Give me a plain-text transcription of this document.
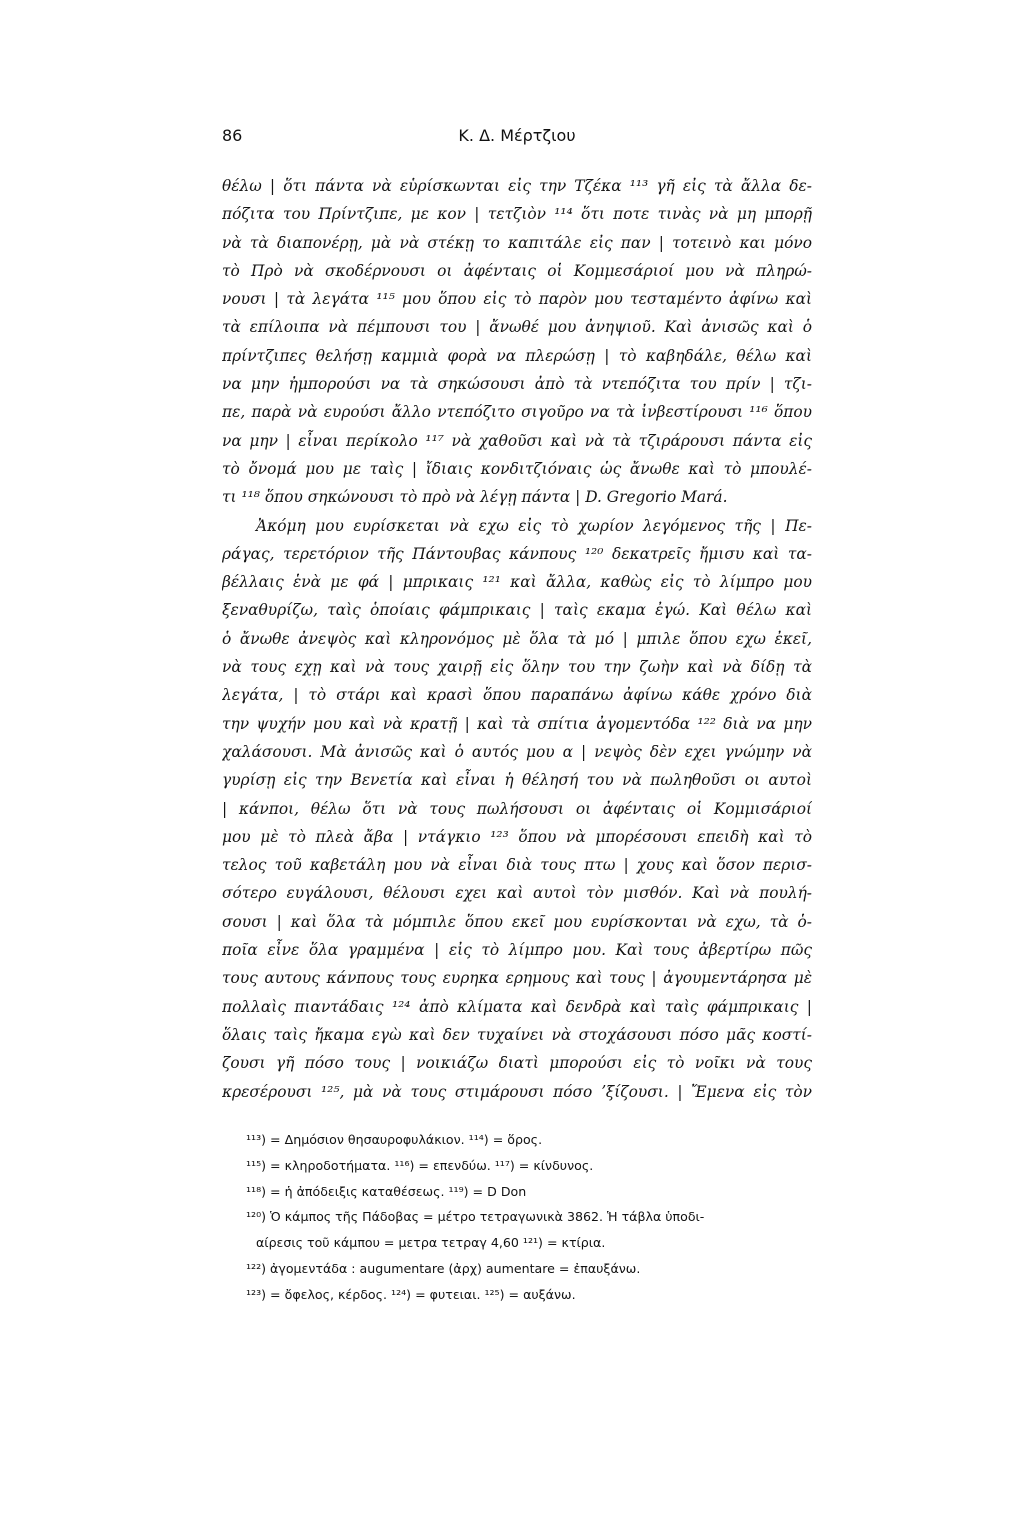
86	Κ. Δ. Μέρτζιου
θέλω | ὅτι πάντα νὰ εὑρίσκωνται εἰς την Τζέκα ¹¹³ γῆ εἰς τὰ ἄλλα δε-
πόζιτα του Πρίντζιπε, με κον | τετζιὸν ¹¹⁴ ὅτι ποτε τινὰς νὰ μη μπορῇ
νὰ τὰ διαπονέρῃ, μὰ νὰ στέκῃ το καπιτάλε εἰς παν | τοτεινὸ και μόνο
τὸ Πρὸ νὰ σκοδέρνουσι οι ἀφένταις οἱ Κομμεσάριοί μου νὰ πληρώ-
νουσι | τὰ λεγάτα ¹¹⁵ μου ὅπου εἰς τὸ παρὸν μου τεσταμέντο ἀφίνω καὶ
τὰ επίλοιπα νὰ πέμπουσι του | ἄνωθέ μου ἀνηψιοῦ. Καὶ ἀνισῶς καὶ ὁ
πρίντζιπες θελήσῃ καμμιὰ φορὰ να πλερώσῃ | τὸ καβηδάλε, θέλω καὶ
να μην ἠμπορούσι να τὰ σηκώσουσι ἀπὸ τὰ ντεπόζιτα του πρίν | τζι-
πε, παρὰ νὰ ευρούσι ἄλλο ντεπόζιτο σιγοῦρο να τὰ ἰνβεστίρουσι ¹¹⁶ ὅπου
να μην | εἶναι περίκολο ¹¹⁷ νὰ χαθοῦσι καὶ νὰ τὰ τζιράρουσι πάντα εἰς
τὸ ὄνομά μου με ταὶς | ἴδιαις κονδιτζιόναις ὡς ἄνωθε καὶ τὸ μπουλέ-
τι ¹¹⁸ ὅπου σηκώνουσι τὸ πρὸ νὰ λέγῃ πάντα | D. Gregorio Mará.
Ἀκόμη μου ευρίσκεται νὰ εχω εἰς τὸ χωρίον λεγόμενος τῆς | Πε-
ράγας, τερετόριον τῆς Πάντουβας κάνπους ¹²⁰ δεκατρεῖς ἤμισυ καὶ τα-
βέλλαις ἑνὰ με φά | μπρικαις ¹²¹ καὶ ἄλλα, καθὼς εἰς τὸ λίμπρο μου
ξεναθυρίζω, ταὶς ὁποίαις φάμπρικαις | ταὶς εκαμα ἐγώ. Καὶ θέλω καὶ
ὁ ἄνωθε ἀνεψὸς καὶ κληρονόμος μὲ ὅλα τὰ μό | μπιλε ὅπου εχω ἐκεῖ,
νὰ τους εχῃ καὶ νὰ τους χαιρῇ εἰς ὅλην του την ζωὴν καὶ νὰ δίδῃ τὰ
λεγάτα, | τὸ στάρι καὶ κρασὶ ὅπου παραπάνω ἀφίνω κάθε χρόνο διὰ
την ψυχήν μου καὶ νὰ κρατῇ | καὶ τὰ σπίτια ἀγομεντόδα ¹²² διὰ να μην
χαλάσουσι. Μὰ ἀνισῶς καὶ ὁ αυτός μου α | νεψὸς δὲν εχει γνώμην νὰ
γυρίσῃ εἰς την Βενετία καὶ εἶναι ἡ θέλησή του νὰ πωληθοῦσι οι αυτοὶ
| κάνποι, θέλω ὅτι νὰ τους πωλήσουσι οι ἀφένταις οἱ Κομμισάριοί
μου μὲ τὸ πλεὰ ἄβα | ντάγκιο ¹²³ ὅπου νὰ μπορέσουσι επειδὴ καὶ τὸ
τελος τοῦ καβετάλη μου νὰ εἶναι διὰ τους πτω | χους καὶ ὅσον περισ-
σότερο ευγάλουσι, θέλουσι εχει καὶ αυτοὶ τὸν μισθόν. Καὶ νὰ πουλή-
σουσι | καὶ ὅλα τὰ μόμπιλε ὅπου εκεῖ μου ευρίσκονται νὰ εχω, τὰ ὁ-
ποῖα εἶνε ὅλα γραμμένα | εἰς τὸ λίμπρο μου. Καὶ τους ἀβερτίρω πῶς
τους αυτους κάνπους τους ευρηκα ερημους καὶ τους | ἀγουμεντάρησα μὲ
πολλαὶς πιαντάδαις ¹²⁴ ἀπὸ κλίματα καὶ δενδρὰ καὶ ταὶς φάμπρικαις |
ὅλαις ταὶς ἤκαμα εγὼ καὶ δεν τυχαίνει νὰ στοχάσουσι πόσο μᾶς κοστί-
ζουσι γῆ πόσο τους | νοικιάζω διατὶ μπορούσι εἰς τὸ νοῖκι νὰ τους
κρεσέρουσι ¹²⁵, μὰ νὰ τους στιμάρουσι πόσο ʼξίζουσι. | Ἔμενα εἰς τὸν
¹¹³) = Δημόσιον θησαυροφυλάκιον. ¹¹⁴) = ὅρος.
¹¹⁵) = κληροδοτήματα. ¹¹⁶) = επενδύω. ¹¹⁷) = κίνδυνος.
¹¹⁸) = ἡ ἀπόδειξις καταθέσεως. ¹¹⁹) = D Don
¹²⁰) Ὁ κάμπος τῆς Πάδοβας = μέτρο τετραγωνικὰ 3862. Ἡ τάβλα ὑποδι-
αίρεσις τοῦ κάμπου = μετρα τετραγ 4,60 ¹²¹) = κτίρια.
¹²²) ἀγομεντάδα : augumentare (ἀρχ) aumentare = ἐπαυξάνω.
¹²³) = ὄφελος, κέρδος. ¹²⁴) = φυτειαι. ¹²⁵) = αυξάνω.
